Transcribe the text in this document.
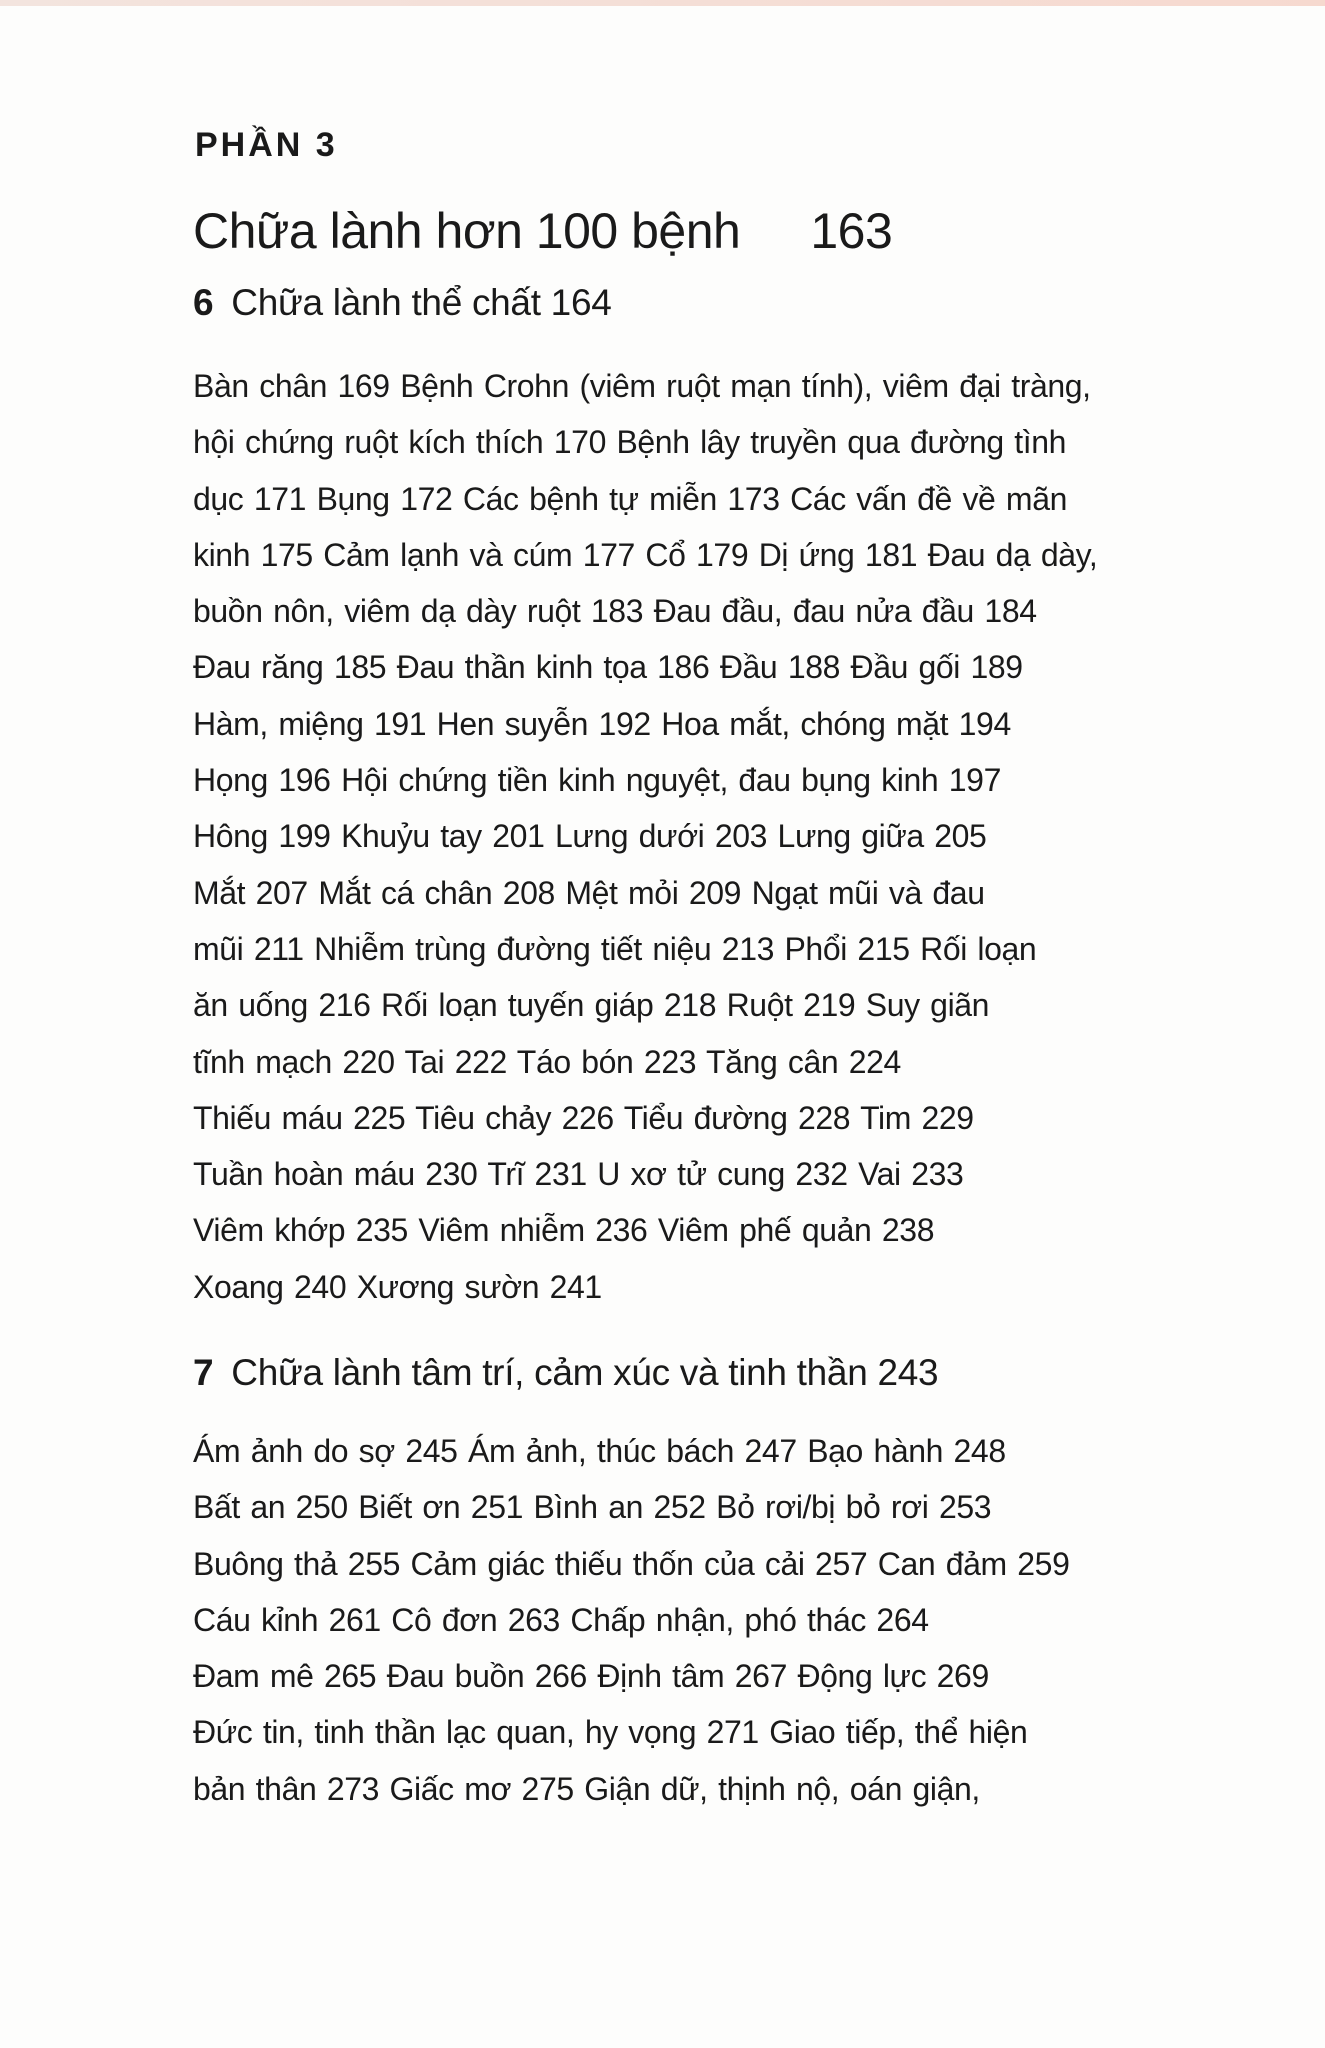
PHẦN 3
Chữa lành hơn 100 bệnh 163
6 Chữa lành thể chất 164
Bàn chân 169 Bệnh Crohn (viêm ruột mạn tính), viêm đại tràng,
hội chứng ruột kích thích 170 Bệnh lây truyền qua đường tình
dục 171 Bụng 172 Các bệnh tự miễn 173 Các vấn đề về mãn
kinh 175 Cảm lạnh và cúm 177 Cổ 179 Dị ứng 181 Đau dạ dày,
buồn nôn, viêm dạ dày ruột 183 Đau đầu, đau nửa đầu 184
Đau răng 185 Đau thần kinh tọa 186 Đầu 188 Đầu gối 189
Hàm, miệng 191 Hen suyễn 192 Hoa mắt, chóng mặt 194
Họng 196 Hội chứng tiền kinh nguyệt, đau bụng kinh 197
Hông 199 Khuỷu tay 201 Lưng dưới 203 Lưng giữa 205
Mắt 207 Mắt cá chân 208 Mệt mỏi 209 Ngạt mũi và đau
mũi 211 Nhiễm trùng đường tiết niệu 213 Phổi 215 Rối loạn
ăn uống 216 Rối loạn tuyến giáp 218 Ruột 219 Suy giãn
tĩnh mạch 220 Tai 222 Táo bón 223 Tăng cân 224
Thiếu máu 225 Tiêu chảy 226 Tiểu đường 228 Tim 229
Tuần hoàn máu 230 Trĩ 231 U xơ tử cung 232 Vai 233
Viêm khớp 235 Viêm nhiễm 236 Viêm phế quản 238
Xoang 240 Xương sườn 241
7 Chữa lành tâm trí, cảm xúc và tinh thần 243
Ám ảnh do sợ 245 Ám ảnh, thúc bách 247 Bạo hành 248
Bất an 250 Biết ơn 251 Bình an 252 Bỏ rơi/bị bỏ rơi 253
Buông thả 255 Cảm giác thiếu thốn của cải 257 Can đảm 259
Cáu kỉnh 261 Cô đơn 263 Chấp nhận, phó thác 264
Đam mê 265 Đau buồn 266 Định tâm 267 Động lực 269
Đức tin, tinh thần lạc quan, hy vọng 271 Giao tiếp, thể hiện
bản thân 273 Giấc mơ 275 Giận dữ, thịnh nộ, oán giận,
